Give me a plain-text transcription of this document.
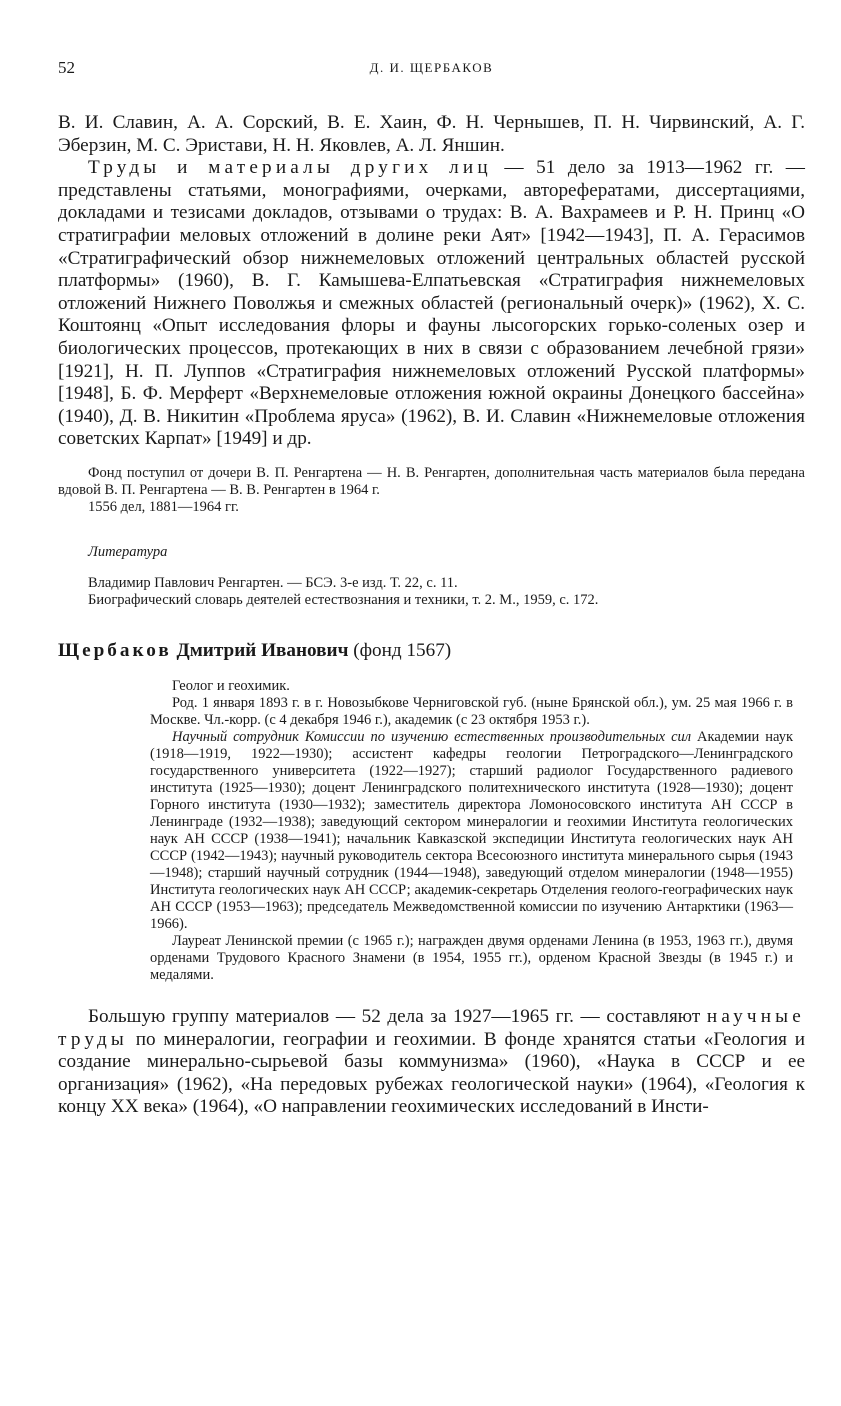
52	Д. И. ЩЕРБАКОВ

В. И. Славин, А. А. Сорский, В. Е. Хаин, Ф. Н. Чернышев, П. Н. Чирвинский, А. Г. Эберзин, М. С. Эристави, Н. Н. Яковлев, А. Л. Яншин.

Труды и материалы других лиц — 51 дело за 1913—1962 гг. — представлены статьями, монографиями, очерками, авторефератами, диссертациями, докладами и тезисами докладов, отзывами о трудах: В. А. Вахрамеев и Р. Н. Принц «О стратиграфии меловых отложений в долине реки Аят» [1942—1943], П. А. Герасимов «Стратиграфический обзор нижнемеловых отложений центральных областей русской платформы» (1960), В. Г. Камышева-Елпатьевская «Стратиграфия нижнемеловых отложений Нижнего Поволжья и смежных областей (региональный очерк)» (1962), Х. С. Коштоянц «Опыт исследования флоры и фауны лысогорских горько-соленых озер и биологических процессов, протекающих в них в связи с образованием лечебной грязи» [1921], Н. П. Луппов «Стратиграфия нижнемеловых отложений Русской платформы» [1948], Б. Ф. Мерферт «Верхнемеловые отложения южной окраины Донецкого бассейна» (1940), Д. В. Никитин «Проблема яруса» (1962), В. И. Славин «Нижнемеловые отложения советских Карпат» [1949] и др.

Фонд поступил от дочери В. П. Ренгартена — Н. В. Ренгартен, дополнительная часть материалов была передана вдовой В. П. Ренгартена — В. В. Ренгартен в 1964 г.

1556 дел, 1881—1964 гг.

Литература

Владимир Павлович Ренгартен. — БСЭ. 3-е изд. Т. 22, с. 11.

Биографический словарь деятелей естествознания и техники, т. 2. М., 1959, с. 172.

Щербаков Дмитрий Иванович (фонд 1567)

Геолог и геохимик.

Род. 1 января 1893 г. в г. Новозыбкове Черниговской губ. (ныне Брянской обл.), ум. 25 мая 1966 г. в Москве. Чл.-корр. (с 4 декабря 1946 г.), академик (с 23 октября 1953 г.).

Научный сотрудник Комиссии по изучению естественных производительных сил Академии наук (1918—1919, 1922—1930); ассистент кафедры геологии Петроградского—Ленинградского государственного университета (1922—1927); старший радиолог Государственного радиевого института (1925—1930); доцент Ленинградского политехнического института (1928—1930); доцент Горного института (1930—1932); заместитель директора Ломоносовского института АН СССР в Ленинграде (1932—1938); заведующий сектором минералогии и геохимии Института геологических наук АН СССР (1938—1941); начальник Кавказской экспедиции Института геологических наук АН СССР (1942—1943); научный руководитель сектора Всесоюзного института минерального сырья (1943—1948); старший научный сотрудник (1944—1948), заведующий отделом минералогии (1948—1955) Института геологических наук АН СССР; академик-секретарь Отделения геолого-географических наук АН СССР (1953—1963); председатель Межведомственной комиссии по изучению Антарктики (1963—1966).

Лауреат Ленинской премии (с 1965 г.); награжден двумя орденами Ленина (в 1953, 1963 гг.), двумя орденами Трудового Красного Знамени (в 1954, 1955 гг.), орденом Красной Звезды (в 1945 г.) и медалями.

Большую группу материалов — 52 дела за 1927—1965 гг. — составляют научные труды по минералогии, географии и геохимии. В фонде хранятся статьи «Геология и создание минерально-сырьевой базы коммунизма» (1960), «Наука в СССР и ее организация» (1962), «На передовых рубежах геологической науки» (1964), «Геология к концу XX века» (1964), «О направлении геохимических исследований в Инсти-
